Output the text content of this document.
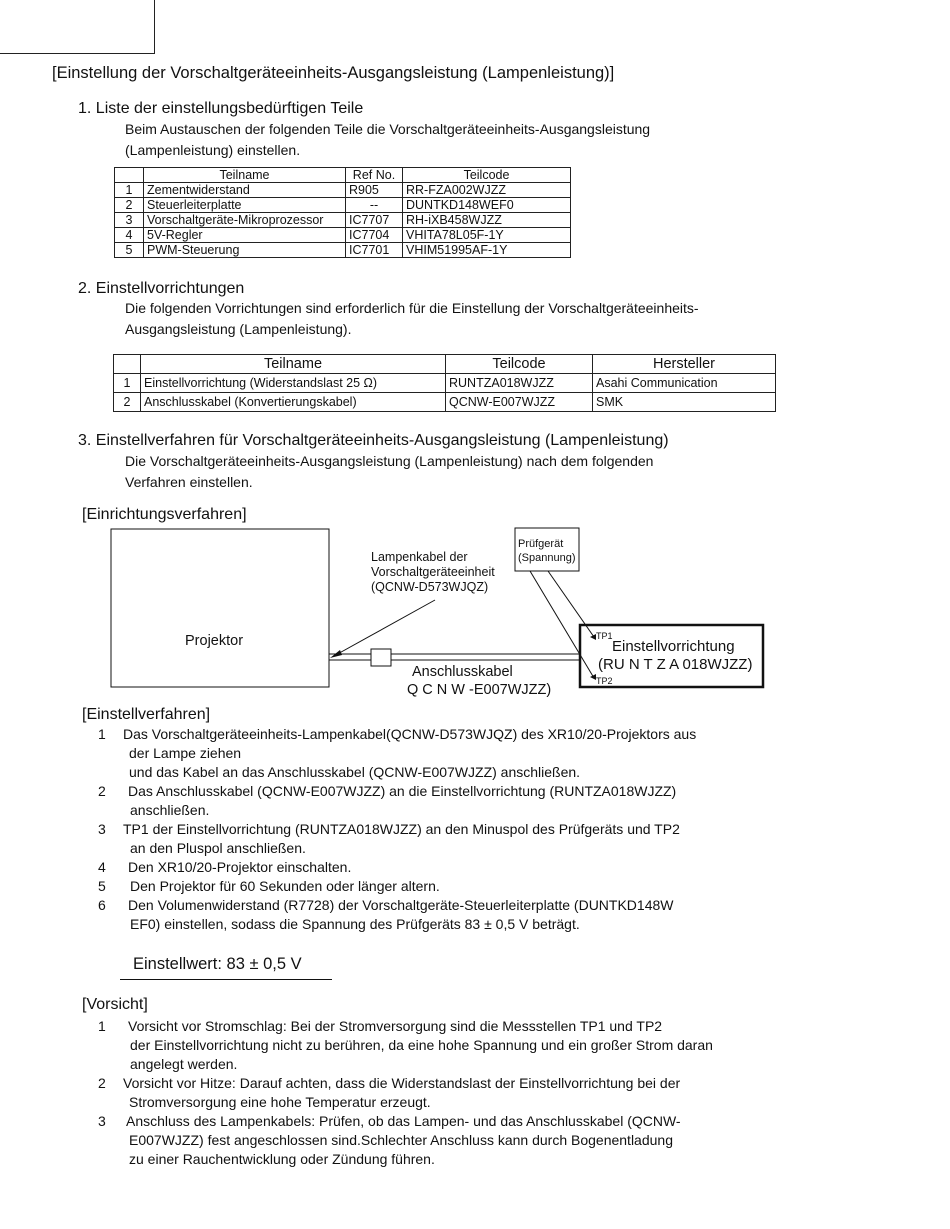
[Einstellung der Vorschaltgeräteeinheits-Ausgangsleistung (Lampenleistung)]
1. Liste der einstellungsbedürftigen Teile
Beim Austauschen der folgenden Teile die Vorschaltgeräteeinheits-Ausgangsleistung
(Lampenleistung) einstellen.
	Teilname	Ref No.	Teilcode
1	Zementwiderstand	R905	RR-FZA002WJZZ
2	Steuerleiterplatte	--	DUNTKD148WEF0
3	Vorschaltgeräte-Mikroprozessor	IC7707	RH-iXB458WJZZ
4	5V-Regler	IC7704	VHITA78L05F-1Y
5	PWM-Steuerung	IC7701	VHIM51995AF-1Y
2. Einstellvorrichtungen
Die folgenden Vorrichtungen sind erforderlich für die Einstellung der Vorschaltgeräteeinheits-
Ausgangsleistung (Lampenleistung).
	Teilname	Teilcode	Hersteller
1	Einstellvorrichtung (Widerstandslast 25 Ω)	RUNTZA018WJZZ	Asahi Communication
2	Anschlusskabel (Konvertierungskabel)	QCNW-E007WJZZ	SMK
3. Einstellverfahren für Vorschaltgeräteeinheits-Ausgangsleistung (Lampenleistung)
Die Vorschaltgeräteeinheits-Ausgangsleistung (Lampenleistung) nach dem folgenden
Verfahren einstellen.
[Einrichtungsverfahren]
Projektor
Lampenkabel der
Vorschaltgeräteeinheit
(QCNW-D573WJQZ)
Prüfgerät
(Spannung)
TP1
TP2
Einstellvorrichtung
(RU N T Z A 018WJZZ)
Anschlusskabel
Q C N W -E007WJZZ)
[Einstellverfahren]
1 Das Vorschaltgeräteeinheits-Lampenkabel(QCNW-D573WJQZ) des XR10/20-Projektors aus
der Lampe ziehen
und das Kabel an das Anschlusskabel (QCNW-E007WJZZ) anschließen.
2 Das Anschlusskabel (QCNW-E007WJZZ) an die Einstellvorrichtung (RUNTZA018WJZZ)
anschließen.
3 TP1 der Einstellvorrichtung (RUNTZA018WJZZ) an den Minuspol des Prüfgeräts und TP2
an den Pluspol anschließen.
4 Den XR10/20-Projektor einschalten.
5 Den Projektor für 60 Sekunden oder länger altern.
6 Den Volumenwiderstand (R7728) der Vorschaltgeräte-Steuerleiterplatte (DUNTKD148W
EF0) einstellen, sodass die Spannung des Prüfgeräts 83 ± 0,5 V beträgt.
Einstellwert: 83 ± 0,5 V
[Vorsicht]
1 Vorsicht vor Stromschlag: Bei der Stromversorgung sind die Messstellen TP1 und TP2
der Einstellvorrichtung nicht zu berühren, da eine hohe Spannung und ein großer Strom daran
angelegt werden.
2 Vorsicht vor Hitze: Darauf achten, dass die Widerstandslast der Einstellvorrichtung bei der
Stromversorgung eine hohe Temperatur erzeugt.
3 Anschluss des Lampenkabels: Prüfen, ob das Lampen- und das Anschlusskabel (QCNW-
E007WJZZ) fest angeschlossen sind.Schlechter Anschluss kann durch Bogenentladung
zu einer Rauchentwicklung oder Zündung führen.
